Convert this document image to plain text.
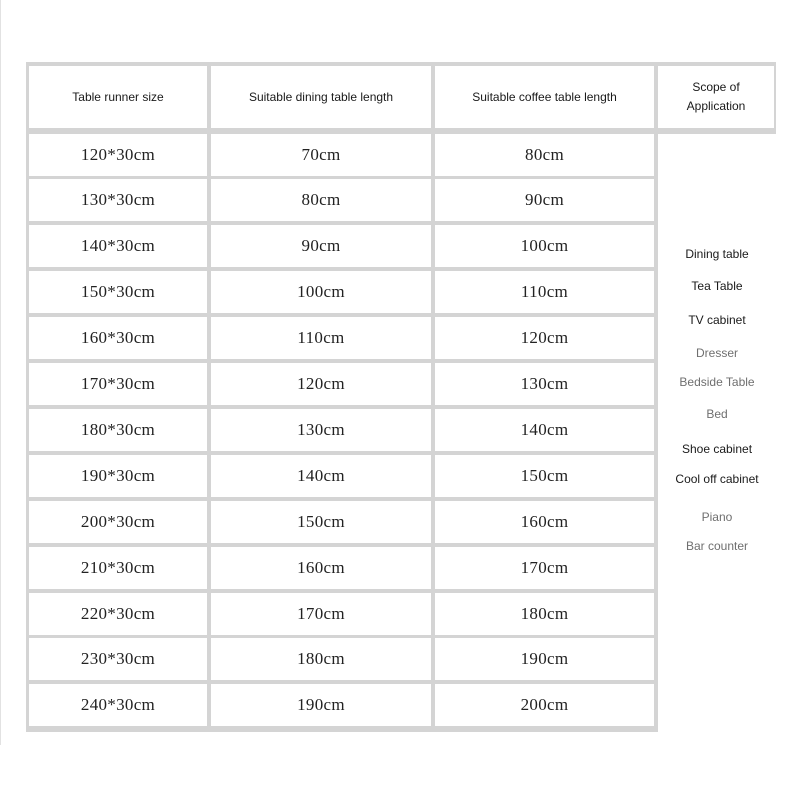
Table runner size	Suitable dining table length	Suitable coffee table length
Scope of Application
Dining table
Tea Table
TV cabinet
Dresser
Bedside Table
Bed
Shoe cabinet
Cool off cabinet
Piano
Bar counter
120*30cm	70cm	80cm
130*30cm	80cm	90cm
140*30cm	90cm	100cm
150*30cm	100cm	110cm
160*30cm	110cm	120cm
170*30cm	120cm	130cm
180*30cm	130cm	140cm
190*30cm	140cm	150cm
200*30cm	150cm	160cm
210*30cm	160cm	170cm
220*30cm	170cm	180cm
230*30cm	180cm	190cm
240*30cm	190cm	200cm
